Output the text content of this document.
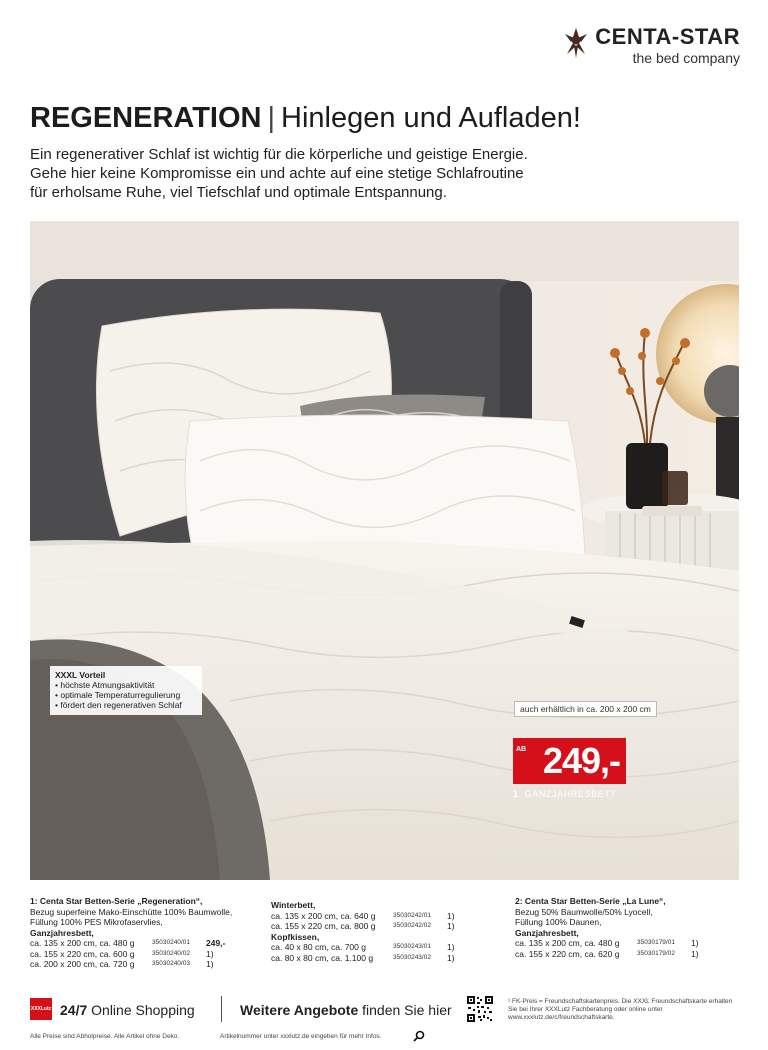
CENTA-STAR
the bed company
REGENERATION | Hinlegen und Aufladen!

Ein regenerativer Schlaf ist wichtig für die körperliche und geistige Energie.

Gehe hier keine Kompromisse ein und achte auf eine stetige Schlafroutine

für erholsame Ruhe, viel Tiefschlaf und optimale Entspannung.

XXXL Vorteil
• höchste Atmungsaktivität
• optimale Temperaturregulierung
• fördert den regenerativen Schlaf	auch erhältlich in ca. 200 x 200 cm
AB 249,-
1 GANZJAHRESBETT
1: Centa Star Betten-Serie „Regeneration“,
Bezug superfeine Mako-Einschütte 100% Baumwolle,
Füllung 100% PES Mikrofaservlies,
Ganzjahresbett,
ca. 135 x 200 cm, ca. 480 g	35030240/01	249,-
ca. 155 x 220 cm, ca. 600 g	35030240/02	1)
ca. 200 x 200 cm, ca. 720 g	35030240/03	1)
Winterbett,
ca. 135 x 200 cm, ca. 640 g	35030242/01	1)
ca. 155 x 220 cm, ca. 800 g	35030242/02	1)
Kopfkissen,
ca. 40 x 80 cm, ca. 700 g	35030243/01	1)
ca. 80 x 80 cm, ca. 1.100 g	35030243/02	1)
2: Centa Star Betten-Serie „La Lune“,
Bezug 50% Baumwolle/50% Lyocell,
Füllung 100% Daunen,
Ganzjahresbett,
ca. 135 x 200 cm, ca. 480 g	35030179/01	1)
ca. 155 x 220 cm, ca. 620 g	35030179/02	1)
XXXLutz 24/7 Online Shopping	Weitere Angebote finden Sie hier
¹ FK-Preis = Freundschaftskartenpreis. Die XXXL Freundschaftskarte erhalten Sie bei Ihrer XXXLutz Fachberatung oder online unter www.xxxlutz.de/c/freundschaftskarte.
Alle Preise sind Abholpreise. Alle Artikel ohne Deko.	Artikelnummer unter xxxlutz.de eingeben für mehr Infos.
